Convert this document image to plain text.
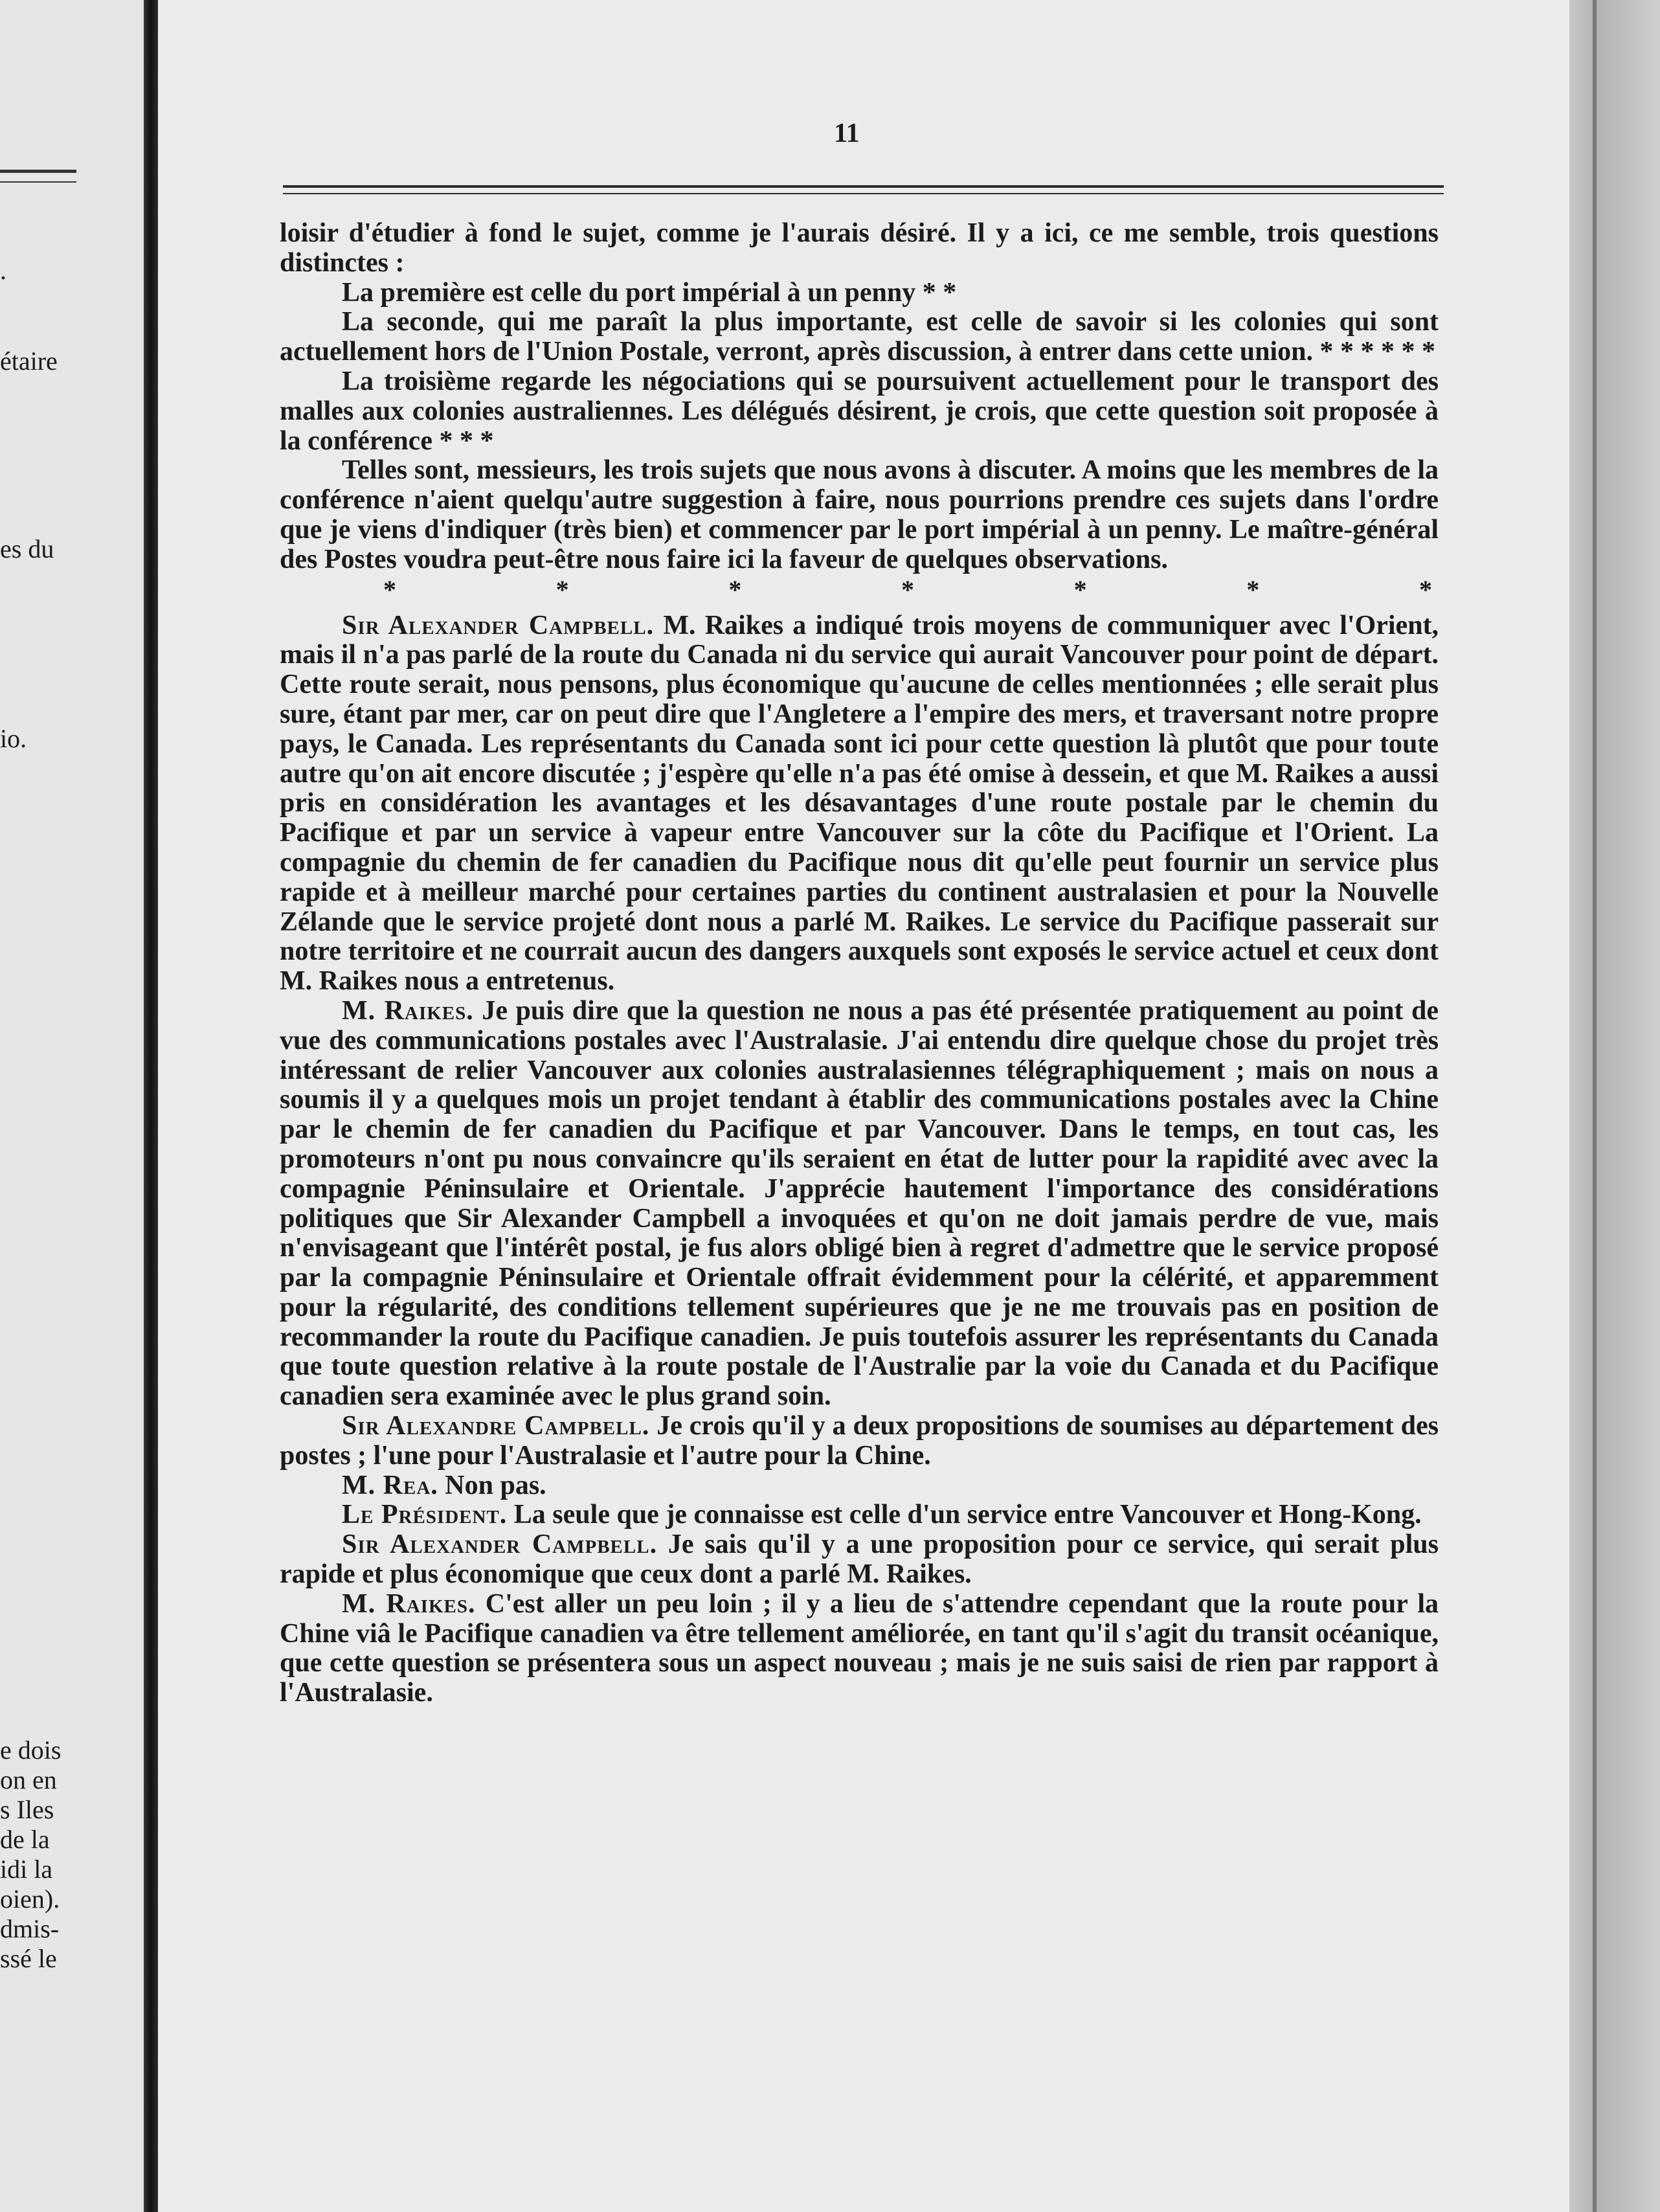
.
étaire
es du
io.
e dois
on en
s Iles
de la
idi la
oien).
dmis-
ssé le
11

loisir d'étudier à fond le sujet, comme je l'aurais désiré. Il y a ici, ce me semble, trois questions distinctes :

La première est celle du port impérial à un penny * *

La seconde, qui me paraît la plus importante, est celle de savoir si les colonies qui sont actuellement hors de l'Union Postale, verront, après discussion, à entrer dans cette union. * * * * * *

La troisième regarde les négociations qui se poursuivent actuellement pour le transport des malles aux colonies australiennes. Les délégués désirent, je crois, que cette question soit proposée à la conférence * * *

Telles sont, messieurs, les trois sujets que nous avons à discuter. A moins que les membres de la conférence n'aient quelqu'autre suggestion à faire, nous pourrions prendre ces sujets dans l'ordre que je viens d'indiquer (très bien) et commencer par le port impérial à un penny. Le maître-général des Postes voudra peut-être nous faire ici la faveur de quelques observations.

*	*	*	*	*	*	*

Sir Alexander Campbell. M. Raikes a indiqué trois moyens de communiquer avec l'Orient, mais il n'a pas parlé de la route du Canada ni du service qui aurait Vancouver pour point de départ. Cette route serait, nous pensons, plus économique qu'aucune de celles mentionnées ; elle serait plus sure, étant par mer, car on peut dire que l'Angletere a l'empire des mers, et traversant notre propre pays, le Canada. Les représentants du Canada sont ici pour cette question là plutôt que pour toute autre qu'on ait encore discutée ; j'espère qu'elle n'a pas été omise à dessein, et que M. Raikes a aussi pris en considération les avantages et les désavantages d'une route postale par le chemin du Pacifique et par un service à vapeur entre Vancouver sur la côte du Pacifique et l'Orient. La compagnie du chemin de fer canadien du Pacifique nous dit qu'elle peut fournir un service plus rapide et à meilleur marché pour certaines parties du continent australasien et pour la Nouvelle Zélande que le service projeté dont nous a parlé M. Raikes. Le service du Pacifique passerait sur notre territoire et ne courrait aucun des dangers auxquels sont exposés le service actuel et ceux dont M. Raikes nous a entretenus.

M. Raikes. Je puis dire que la question ne nous a pas été présentée pratiquement au point de vue des communications postales avec l'Australasie. J'ai entendu dire quelque chose du projet très intéressant de relier Vancouver aux colonies australasiennes télégraphiquement ; mais on nous a soumis il y a quelques mois un projet tendant à établir des communications postales avec la Chine par le chemin de fer canadien du Pacifique et par Vancouver. Dans le temps, en tout cas, les promoteurs n'ont pu nous convaincre qu'ils seraient en état de lutter pour la rapidité avec avec la compagnie Péninsulaire et Orientale. J'apprécie hautement l'importance des considérations politiques que Sir Alexander Campbell a invoquées et qu'on ne doit jamais perdre de vue, mais n'envisageant que l'intérêt postal, je fus alors obligé bien à regret d'admettre que le service proposé par la compagnie Péninsulaire et Orientale offrait évidemment pour la célérité, et apparemment pour la régularité, des conditions tellement supérieures que je ne me trouvais pas en position de recommander la route du Pacifique canadien. Je puis toutefois assurer les représentants du Canada que toute question relative à la route postale de l'Australie par la voie du Canada et du Pacifique canadien sera examinée avec le plus grand soin.

Sir Alexandre Campbell. Je crois qu'il y a deux propositions de soumises au département des postes ; l'une pour l'Australasie et l'autre pour la Chine.

M. Rea. Non pas.

Le Président. La seule que je connaisse est celle d'un service entre Vancouver et Hong-Kong.

Sir Alexander Campbell. Je sais qu'il y a une proposition pour ce service, qui serait plus rapide et plus économique que ceux dont a parlé M. Raikes.

M. Raikes. C'est aller un peu loin ; il y a lieu de s'attendre cependant que la route pour la Chine viâ le Pacifique canadien va être tellement améliorée, en tant qu'il s'agit du transit océanique, que cette question se présentera sous un aspect nouveau ; mais je ne suis saisi de rien par rapport à l'Australasie.
